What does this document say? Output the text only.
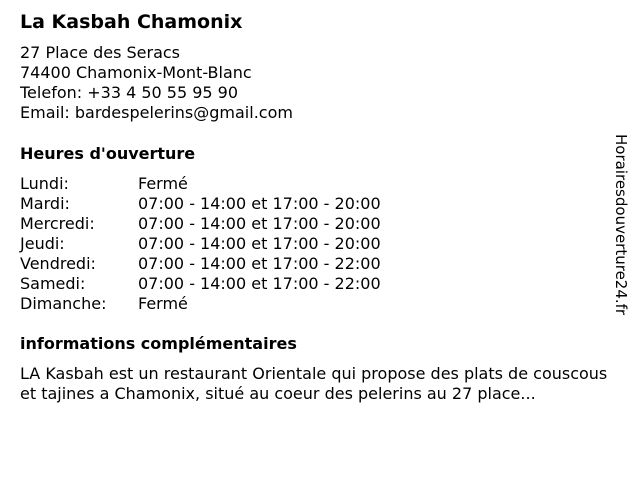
La Kasbah Chamonix
27 Place des Seracs
74400 Chamonix-Mont-Blanc
Telefon: +33 4 50 55 95 90
Email: bardespelerins@gmail.com
Heures d'ouverture
Lundi:	Fermé
Mardi:	07:00 - 14:00 et 17:00 - 20:00
Mercredi:	07:00 - 14:00 et 17:00 - 20:00
Jeudi:	07:00 - 14:00 et 17:00 - 20:00
Vendredi:	07:00 - 14:00 et 17:00 - 22:00
Samedi:	07:00 - 14:00 et 17:00 - 22:00
Dimanche: Fermé
informations complémentaires

LA Kasbah est un restaurant Orientale qui propose des plats de couscous et tajines a Chamonix, situé au coeur des pelerins au 27 place...

Horairesdouverture24.fr
